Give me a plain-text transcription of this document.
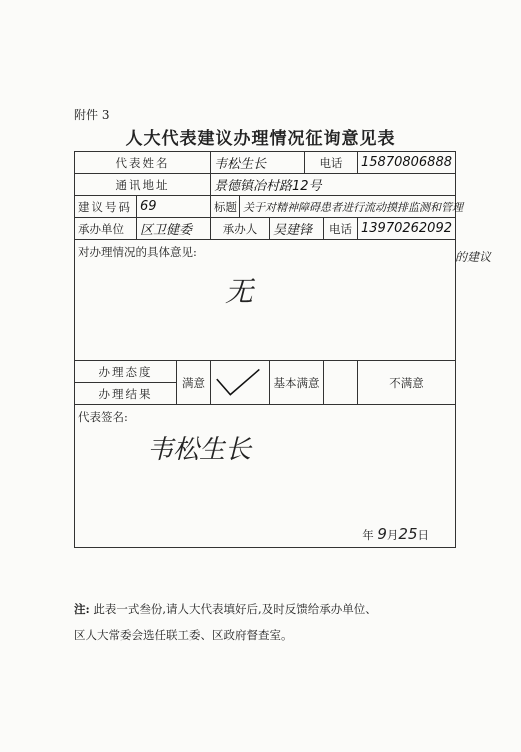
附件 3
人大代表建议办理情况征询意见表
代表姓名			韦松生长			电话		15870806888
通讯地址			景德镇冶村路12号					
建议号码	69		标题	关于对精神障碍患者进行流动摸排监测和管理				
承办单位	区卫健委		承办人		吴建锋		电话	13970262092
对办理情况的具体意见:
无								

办理态度		满意			基本满意			不满意
办理结果								
代表签名:
韦松生长
年 9月25日								
的建议
注: 此表一式叁份,请人大代表填好后,及时反馈给承办单位、
区人大常委会选任联工委、区政府督查室。
